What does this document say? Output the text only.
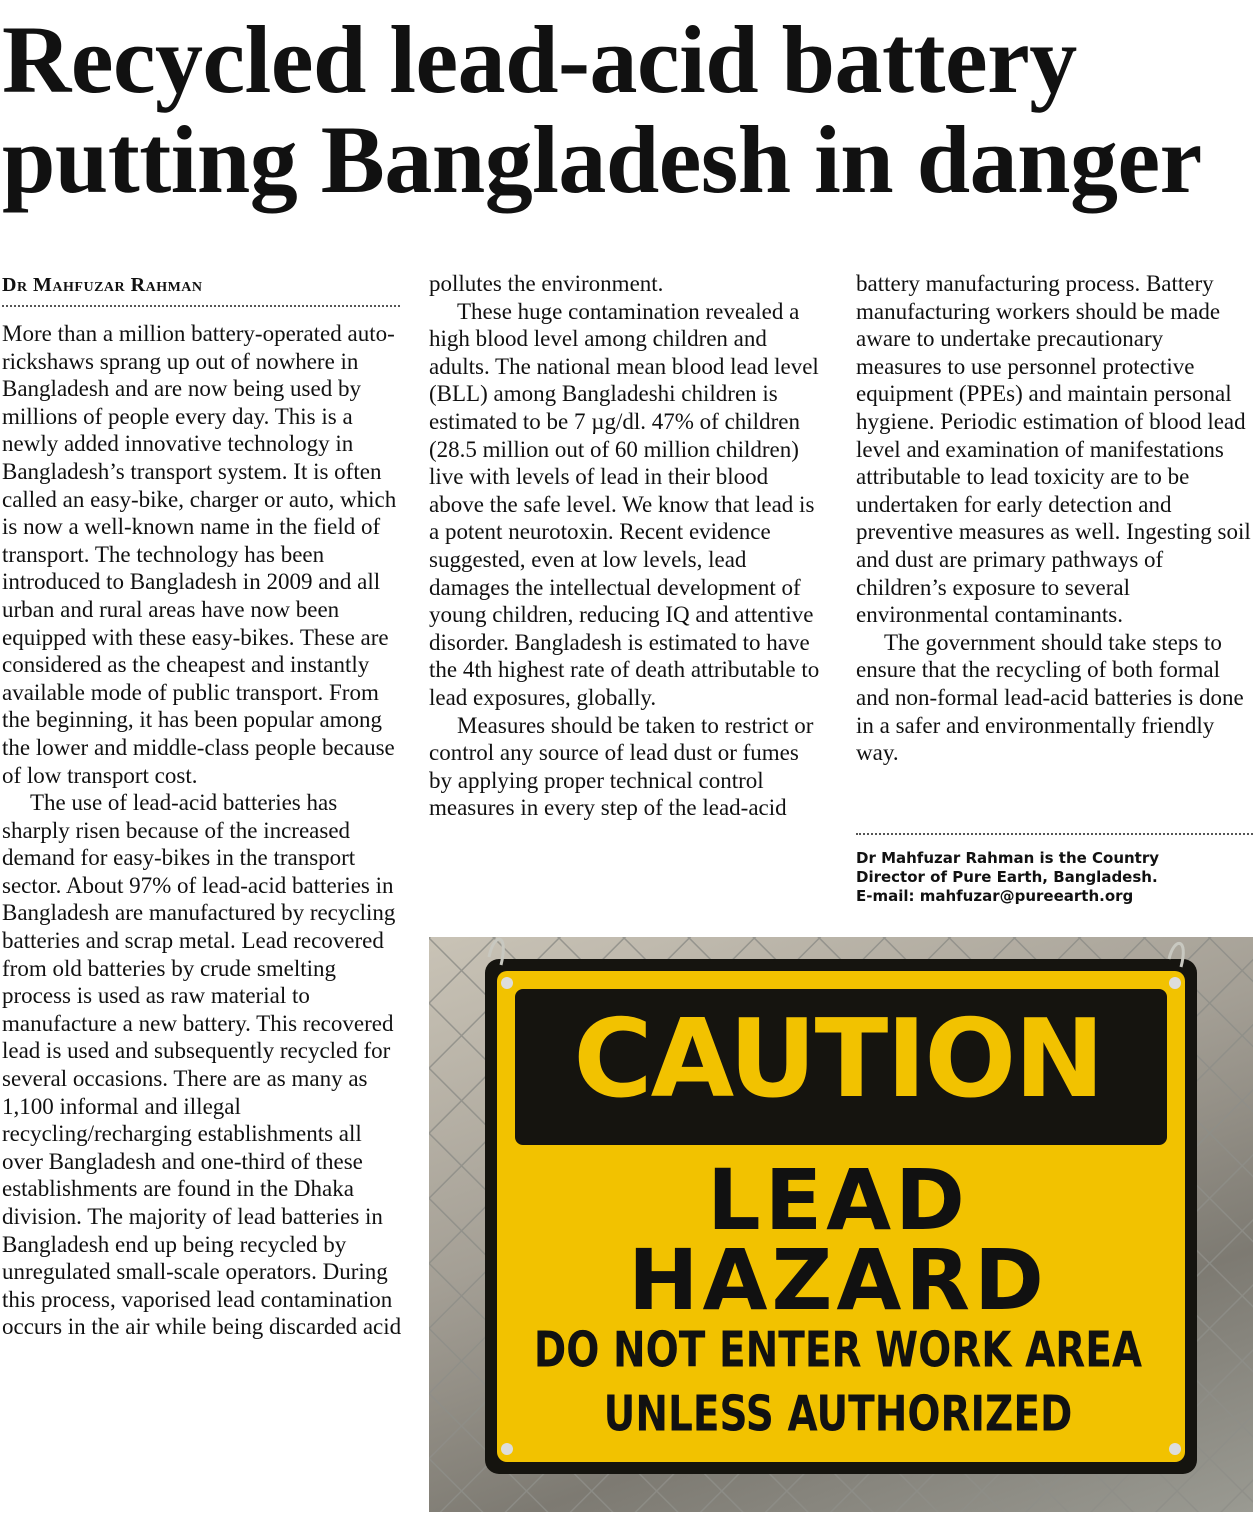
Recycled lead-acid battery
putting Bangladesh in danger
Dr Mahfuzar Rahman

More than a million battery-operated auto-rickshaws sprang up out of nowhere in Bangladesh and are now being used by millions of people every day. This is a newly added innovative technology in Bangladesh’s transport system. It is often called an easy-bike, charger or auto, which is now a well-known name in the field of transport. The technology has been introduced to Bangladesh in 2009 and all urban and rural areas have now been equipped with these easy-bikes. These are considered as the cheapest and instantly available mode of public transport. From the beginning, it has been popular among the lower and middle-class people because of low transport cost.

The use of lead-acid batteries has sharply risen because of the increased demand for easy-bikes in the transport sector. About 97% of lead-acid batteries in Bangladesh are manufactured by recycling batteries and scrap metal. Lead recovered from old batteries by crude smelting process is used as raw material to manufacture a new battery. This recovered lead is used and subsequently recycled for several occasions. There are as many as 1,100 informal and illegal recycling/recharging establishments all over Bangladesh and one-third of these establishments are found in the Dhaka division. The majority of lead batteries in Bangladesh end up being recycled by unregulated small-scale operators. During this process, vaporised lead contamination occurs in the air while being discarded acid

pollutes the environment.

These huge contamination revealed a high blood level among children and adults. The national mean blood lead level (BLL) among Bangladeshi children is estimated to be 7 µg/dl. 47% of children (28.5 million out of 60 million children) live with levels of lead in their blood above the safe level. We know that lead is a potent neurotoxin. Recent evidence suggested, even at low levels, lead damages the intellectual development of young children, reducing IQ and attentive disorder. Bangladesh is estimated to have the 4th highest rate of death attributable to lead exposures, globally.

Measures should be taken to restrict or control any source of lead dust or fumes by applying proper technical control measures in every step of the lead-acid

battery manufacturing process. Battery manufacturing workers should be made aware to undertake precautionary measures to use personnel protective equipment (PPEs) and maintain personal hygiene. Periodic estimation of blood lead level and examination of manifestations attributable to lead toxicity are to be undertaken for early detection and preventive measures as well. Ingesting soil and dust are primary pathways of children’s exposure to several environmental contaminants.

The government should take steps to ensure that the recycling of both formal and non-formal lead-acid batteries is done in a safer and environmentally friendly way.

Dr Mahfuzar Rahman is the Country
Director of Pure Earth, Bangladesh.
E-mail: mahfuzar@pureearth.org
CAUTION
LEAD
HAZARD
DO NOT ENTER WORK AREA
UNLESS AUTHORIZED
